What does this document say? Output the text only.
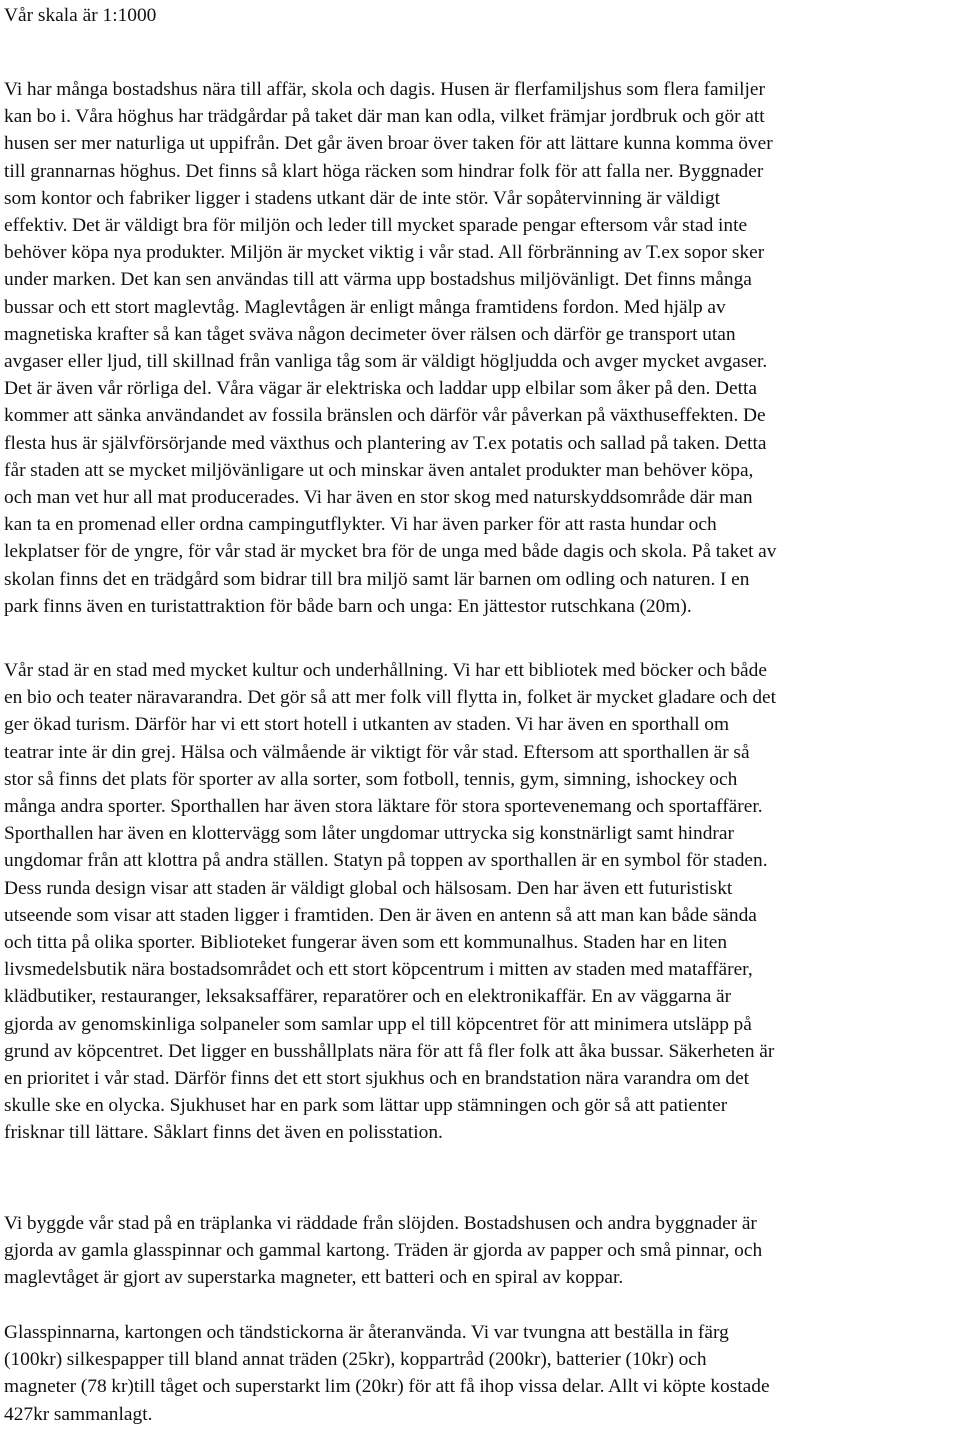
Vår skala är 1:1000
Vi har många bostadshus nära till affär, skola och dagis. Husen är flerfamiljshus som flera familjer
kan bo i. Våra höghus har trädgårdar på taket där man kan odla, vilket främjar jordbruk och gör att
husen ser mer naturliga ut uppifrån. Det går även broar över taken för att lättare kunna komma över
till grannarnas höghus. Det finns så klart höga räcken som hindrar folk för att falla ner. Byggnader
som kontor och fabriker ligger i stadens utkant där de inte stör. Vår sopåtervinning är väldigt
effektiv. Det är väldigt bra för miljön och leder till mycket sparade pengar eftersom vår stad inte
behöver köpa nya produkter. Miljön är mycket viktig i vår stad. All förbränning av T.ex sopor sker
under marken. Det kan sen användas till att värma upp bostadshus miljövänligt. Det finns många
bussar och ett stort maglevtåg. Maglevtågen är enligt många framtidens fordon. Med hjälp av
magnetiska krafter så kan tåget sväva någon decimeter över rälsen och därför ge transport utan
avgaser eller ljud, till skillnad från vanliga tåg som är väldigt högljudda och avger mycket avgaser.
Det är även vår rörliga del. Våra vägar är elektriska och laddar upp elbilar som åker på den. Detta
kommer att sänka användandet av fossila bränslen och därför vår påverkan på växthuseffekten. De
flesta hus är självförsörjande med växthus och plantering av T.ex potatis och sallad på taken. Detta
får staden att se mycket miljövänligare ut och minskar även antalet produkter man behöver köpa,
och man vet hur all mat producerades. Vi har även en stor skog med naturskyddsområde där man
kan ta en promenad eller ordna campingutflykter. Vi har även parker för att rasta hundar och
lekplatser för de yngre, för vår stad är mycket bra för de unga med både dagis och skola. På taket av
skolan finns det en trädgård som bidrar till bra miljö samt lär barnen om odling och naturen. I en
park finns även en turistattraktion för både barn och unga: En jättestor rutschkana (20m).
Vår stad är en stad med mycket kultur och underhållning. Vi har ett bibliotek med böcker och både
en bio och teater näravarandra. Det gör så att mer folk vill flytta in, folket är mycket gladare och det
ger ökad turism. Därför har vi ett stort hotell i utkanten av staden. Vi har även en sporthall om
teatrar inte är din grej. Hälsa och välmående är viktigt för vår stad. Eftersom att sporthallen är så
stor så finns det plats för sporter av alla sorter, som fotboll, tennis, gym, simning, ishockey och
många andra sporter. Sporthallen har även stora läktare för stora sportevenemang och sportaffärer.
Sporthallen har även en klottervägg som låter ungdomar uttrycka sig konstnärligt samt hindrar
ungdomar från att klottra på andra ställen. Statyn på toppen av sporthallen är en symbol för staden.
Dess runda design visar att staden är väldigt global och hälsosam. Den har även ett futuristiskt
utseende som visar att staden ligger i framtiden. Den är även en antenn så att man kan både sända
och titta på olika sporter. Biblioteket fungerar även som ett kommunalhus. Staden har en liten
livsmedelsbutik nära bostadsområdet och ett stort köpcentrum i mitten av staden med mataffärer,
klädbutiker, restauranger, leksaksaffärer, reparatörer och en elektronikaffär. En av väggarna är
gjorda av genomskinliga solpaneler som samlar upp el till köpcentret för att minimera utsläpp på
grund av köpcentret. Det ligger en busshållplats nära för att få fler folk att åka bussar. Säkerheten är
en prioritet i vår stad. Därför finns det ett stort sjukhus och en brandstation nära varandra om det
skulle ske en olycka. Sjukhuset har en park som lättar upp stämningen och gör så att patienter
frisknar till lättare. Såklart finns det även en polisstation.
Vi byggde vår stad på en träplanka vi räddade från slöjden. Bostadshusen och andra byggnader är
gjorda av gamla glasspinnar och gammal kartong. Träden är gjorda av papper och små pinnar, och
maglevtåget är gjort av superstarka magneter, ett batteri och en spiral av koppar.
Glasspinnarna, kartongen och tändstickorna är återanvända. Vi var tvungna att beställa in färg
(100kr) silkespapper till bland annat träden (25kr), koppartråd (200kr), batterier (10kr) och
magneter (78 kr)till tåget och superstarkt lim (20kr) för att få ihop vissa delar. Allt vi köpte kostade
427kr sammanlagt.
